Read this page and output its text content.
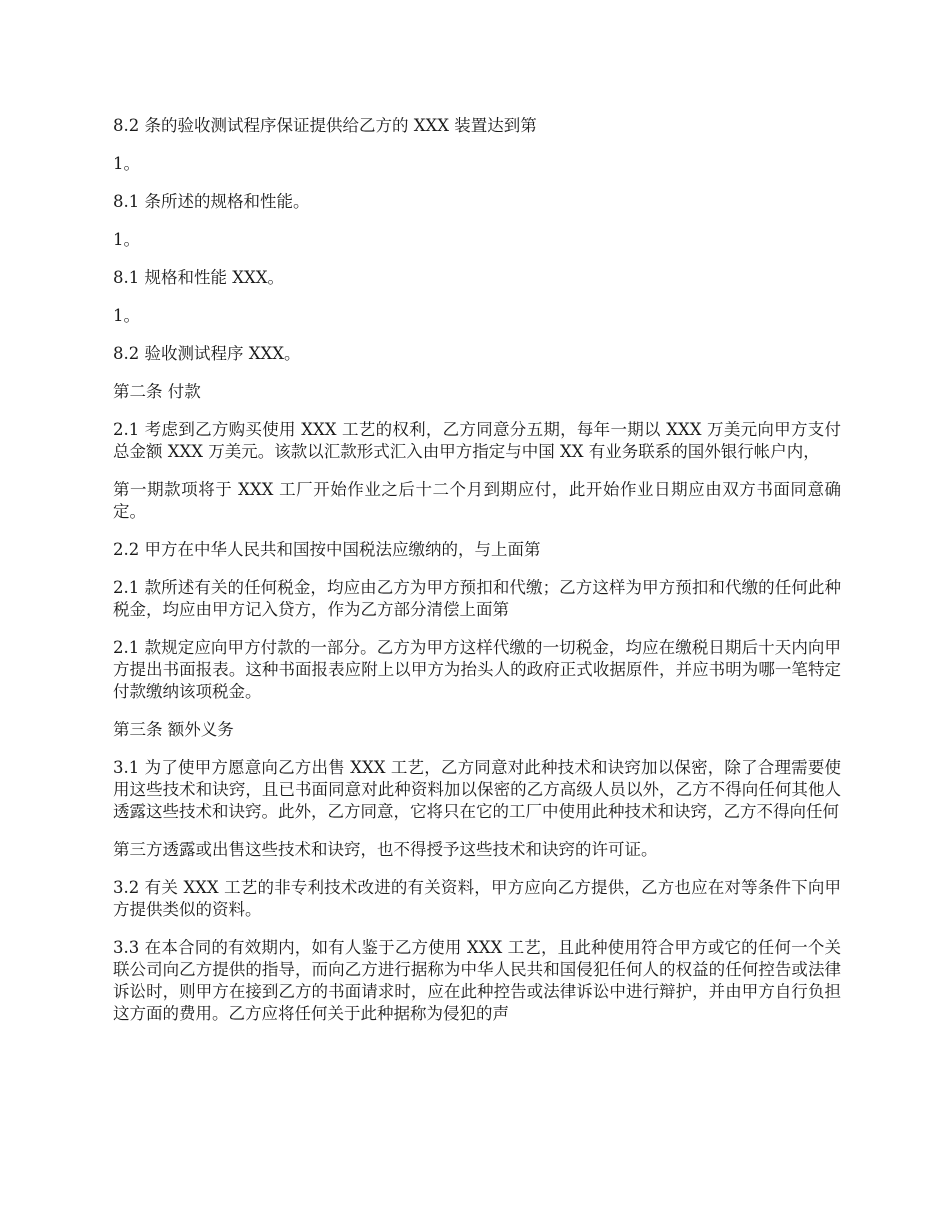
8.2 条的验收测试程序保证提供给乙方的 XXX 装置达到第

1。

8.1 条所述的规格和性能。

1。

8.1 规格和性能 XXX。

1。

8.2 验收测试程序 XXX。

第二条 付款

2.1 考虑到乙方购买使用 XXX 工艺的权利，乙方同意分五期，每年一期以 XXX 万美元向甲方支付总金额 XXX 万美元。该款以汇款形式汇入由甲方指定与中国 XX 有业务联系的国外银行帐户内，

第一期款项将于 XXX 工厂开始作业之后十二个月到期应付，此开始作业日期应由双方书面同意确定。

2.2 甲方在中华人民共和国按中国税法应缴纳的，与上面第

2.1 款所述有关的任何税金，均应由乙方为甲方预扣和代缴；乙方这样为甲方预扣和代缴的任何此种税金，均应由甲方记入贷方，作为乙方部分清偿上面第

2.1 款规定应向甲方付款的一部分。乙方为甲方这样代缴的一切税金，均应在缴税日期后十天内向甲方提出书面报表。这种书面报表应附上以甲方为抬头人的政府正式收据原件，并应书明为哪一笔特定付款缴纳该项税金。

第三条 额外义务

3.1 为了使甲方愿意向乙方出售 XXX 工艺，乙方同意对此种技术和诀窍加以保密，除了合理需要使用这些技术和诀窍，且已书面同意对此种资料加以保密的乙方高级人员以外，乙方不得向任何其他人透露这些技术和诀窍。此外，乙方同意，它将只在它的工厂中使用此种技术和诀窍，乙方不得向任何

第三方透露或出售这些技术和诀窍，也不得授予这些技术和诀窍的许可证。

3.2 有关 XXX 工艺的非专利技术改进的有关资料，甲方应向乙方提供，乙方也应在对等条件下向甲方提供类似的资料。

3.3 在本合同的有效期内，如有人鉴于乙方使用 XXX 工艺，且此种使用符合甲方或它的任何一个关联公司向乙方提供的指导，而向乙方进行据称为中华人民共和国侵犯任何人的权益的任何控告或法律诉讼时，则甲方在接到乙方的书面请求时，应在此种控告或法律诉讼中进行辩护，并由甲方自行负担这方面的费用。乙方应将任何关于此种据称为侵犯的声
